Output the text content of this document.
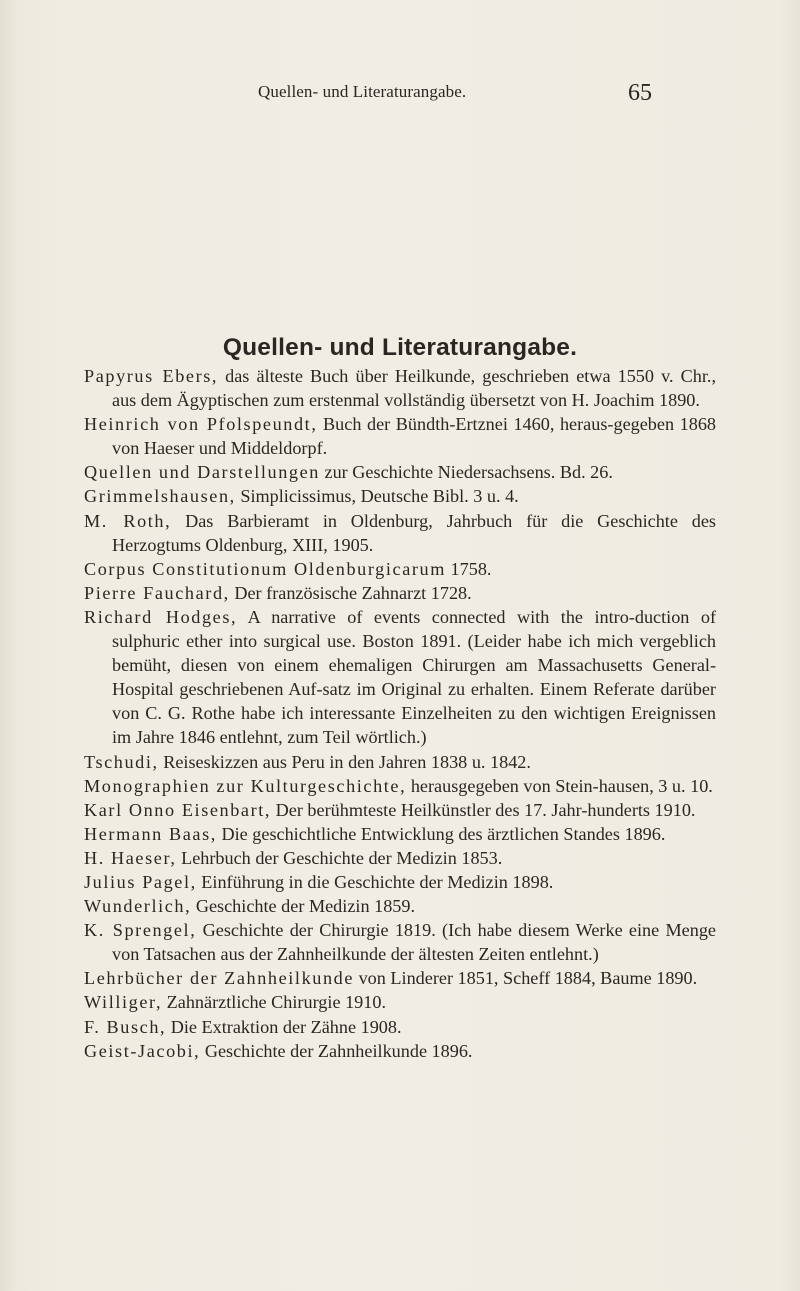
Quellen- und Literaturangabe.	65
Quellen- und Literaturangabe.

Papyrus Ebers, das älteste Buch über Heilkunde, geschrieben etwa 1550 v. Chr., aus dem Ägyptischen zum erstenmal vollständig übersetzt von H. Joachim 1890.

Heinrich von Pfolspeundt, Buch der Bündth-Ertznei 1460, heraus-gegeben 1868 von Haeser und Middeldorpf.

Quellen und Darstellungen zur Geschichte Niedersachsens. Bd. 26.

Grimmelshausen, Simplicissimus, Deutsche Bibl. 3 u. 4.

M. Roth, Das Barbieramt in Oldenburg, Jahrbuch für die Geschichte des Herzogtums Oldenburg, XIII, 1905.

Corpus Constitutionum Oldenburgicarum 1758.

Pierre Fauchard, Der französische Zahnarzt 1728.

Richard Hodges, A narrative of events connected with the intro-duction of sulphuric ether into surgical use. Boston 1891. (Leider habe ich mich vergeblich bemüht, diesen von einem ehemaligen Chirurgen am Massachusetts General-Hospital geschriebenen Auf-satz im Original zu erhalten. Einem Referate darüber von C. G. Rothe habe ich interessante Einzelheiten zu den wichtigen Ereignissen im Jahre 1846 entlehnt, zum Teil wörtlich.)

Tschudi, Reiseskizzen aus Peru in den Jahren 1838 u. 1842.

Monographien zur Kulturgeschichte, herausgegeben von Stein-hausen, 3 u. 10.

Karl Onno Eisenbart, Der berühmteste Heilkünstler des 17. Jahr-hunderts 1910.

Hermann Baas, Die geschichtliche Entwicklung des ärztlichen Standes 1896.

H. Haeser, Lehrbuch der Geschichte der Medizin 1853.

Julius Pagel, Einführung in die Geschichte der Medizin 1898.

Wunderlich, Geschichte der Medizin 1859.

K. Sprengel, Geschichte der Chirurgie 1819. (Ich habe diesem Werke eine Menge von Tatsachen aus der Zahnheilkunde der ältesten Zeiten entlehnt.)

Lehrbücher der Zahnheilkunde von Linderer 1851, Scheff 1884, Baume 1890.

Williger, Zahnärztliche Chirurgie 1910.

F. Busch, Die Extraktion der Zähne 1908.

Geist-Jacobi, Geschichte der Zahnheilkunde 1896.
